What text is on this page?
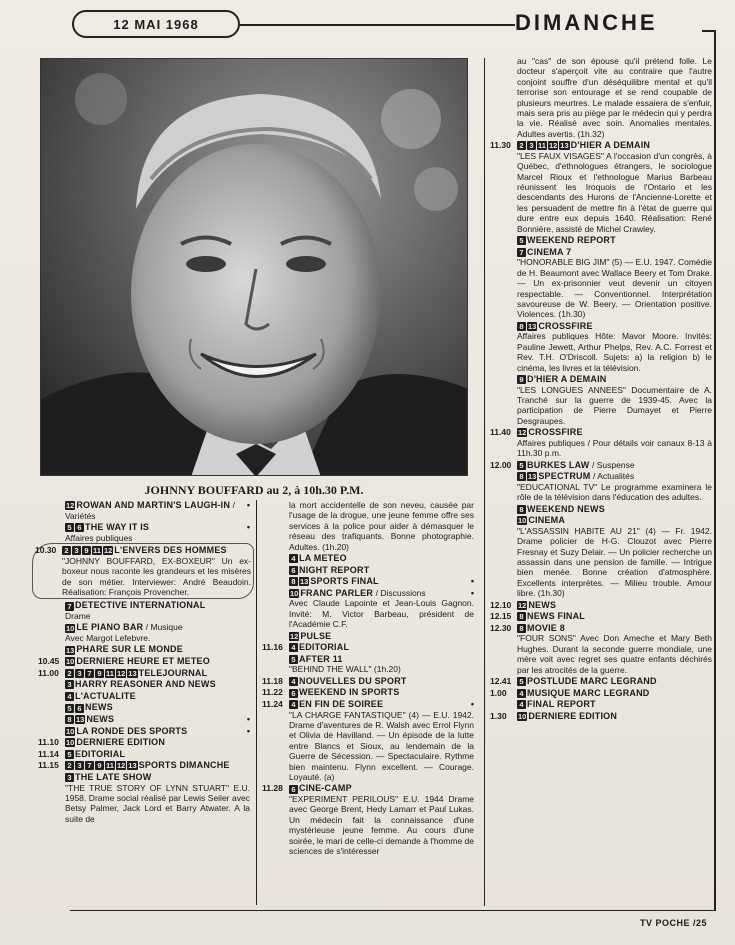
12 MAI 1968	DIMANCHE
JOHNNY BOUFFARD au 2, à 10h.30 P.M.
•
12 ROWAN AND MARTIN'S LAUGH-IN / Variétés
•
5 6 THE WAY IT IS
Affaires publiques
10.30	2 3 9 11 12 L'ENVERS DES HOMMES
"JOHNNY BOUFFARD, EX-BOXEUR" Un ex-boxeur nous raconte les grandeurs et les misères de son métier. Interviewer: André Beaudoin. Réalisation: François Provencher.
7 DETECTIVE INTERNATIONAL
Drame
10 LE PIANO BAR / Musique
Avec Margot Lefebvre.
13 PHARE SUR LE MONDE
10.45 10 DERNIERE HEURE ET METEO
11.00	2 3 7 9 11 12 13 TELEJOURNAL
3 HARRY REASONER AND NEWS
4 L'ACTUALITE
5 6 NEWS
•
8 13 NEWS
•
10 LA RONDE DES SPORTS
11.10 10 DERNIERE EDITION
11.14	5 EDITORIAL
11.15	2 3 7 9 11 12 13 SPORTS DIMANCHE
3 THE LATE SHOW
"THE TRUE STORY OF LYNN STUART" E.U. 1958. Drame social réalisé par Lewis Seiler avec Betsy Palmer, Jack Lord et Barry Atwater. A la suite de
la mort accidentelle de son neveu, causée par l'usage de la drogue, une jeune femme offre ses services à la police pour aider à démasquer le réseau des trafiquants. Bonne photographie. Adultes. (1h.20)
4 LA METEO
6 NIGHT REPORT
•
8 13 SPORTS FINAL
•
10 FRANC PARLER / Discussions
Avec Claude Lapointe et Jean-Louis Gagnon. Invité: M. Victor Barbeau, président de l'Académie C.F.
12 PULSE
11.16	4 EDITORIAL
5 AFTER 11
"BEHIND THE WALL" (1h.20)
11.18	4 NOUVELLES DU SPORT
11.22	6 WEEKEND IN SPORTS
11.24	•
4 EN FIN DE SOIREE
"LA CHARGE FANTASTIQUE" (4) — E.U. 1942. Drame d'aventures de R. Walsh avec Errol Flynn et Olivia de Havilland. — Un épisode de la lutte entre Blancs et Sioux, au lendemain de la Guerre de Sécession. — Spectaculaire. Rythme bien maintenu. Flynn excellent. — Courage. Loyauté. (a)
11.28	6 CINE-CAMP
"EXPERIMENT PERILOUS" E.U. 1944 Drame avec George Brent, Hedy Lamarr et Paul Lukas. Un médecin fait la connaissance d'une mystérieuse jeune femme. Au cours d'une soirée, le mari de celle-ci demande à l'homme de sciences de s'intéresser
au "cas" de son épouse qu'il prétend folle. Le docteur s'aperçoit vite au contraire que l'autre conjoint souffre d'un déséquilibre mental et qu'il terrorise son entourage et se rend coupable de plusieurs meurtres. Le malade essaiera de s'enfuir, mais sera pris au piège par le médecin qui y perdra la vie. Réalisé avec soin. Anomalies mentales. Adultes avertis. (1h.32)
11.30	2 3 11 12 13 D'HIER A DEMAIN
"LES FAUX VISAGES" A l'occasion d'un congrès, à Québec, d'ethnologues étrangers, le sociologue Marcel Rioux et l'ethnologue Marius Barbeau réunissent les Iroquois de l'Ontario et les descendants des Hurons de l'Ancienne-Lorette et les persuadent de mettre fin à l'état de guerre qui dure entre eux depuis 1640. Réalisation: René Bonnière, assisté de Michel Crawley.
5 WEEKEND REPORT
7 CINEMA 7
"HONORABLE BIG JIM" (5) — E.U. 1947. Comédie de H. Beaumont avec Wallace Beery et Tom Drake. — Un ex-prisonnier veut devenir un citoyen respectable. — Conventionnel. Interprétation savoureuse de W. Beery. — Orientation positive. Violences. (1h.30)
8 13 CROSSFIRE
Affaires publiques Hôte: Mavor Moore. Invités: Pauline Jewett, Arthur Phelps, Rev. A.C. Forrest et Rev. T.H. O'Driscoll. Sujets: a) la religion b) le cinéma, les livres et la télévision.
9 D'HIER A DEMAIN
"LES LONGUES ANNEES" Documentaire de A. Tranché sur la guerre de 1939-45. Avec la participation de Pierre Dumayet et Pierre Desgraupes.
11.40 12 CROSSFIRE
Affaires publiques / Pour détails voir canaux 8-13 à 11h.30 p.m.
12.00	5 BURKES LAW / Suspense
8 13 SPECTRUM / Actualités
"EDUCATIONAL TV" Le programme examinera le rôle de la télévision dans l'éducation des adultes.
8 WEEKEND NEWS
10 CINEMA
"L'ASSASSIN HABITE AU 21" (4) — Fr. 1942. Drame policier de H-G. Clouzot avec Pierre Fresnay et Suzy Delair. — Un policier recherche un assassin dans une pension de famille. — Intrigue bien menée. Bonne création d'atmosphère. Excellents interprètes. — Milieu trouble. Amour libre. (1h.30)
12.10 12 NEWS
12.15	8 NEWS FINAL
12.30	8 MOVIE 8
"FOUR SONS" Avec Don Ameche et Mary Beth Hughes. Durant la seconde guerre mondiale, une mère voit avec regret ses quatre enfants déchirés par les atrocités de la guerre.
12.41	5 POSTLUDE MARC LEGRAND
1.00	4 MUSIQUE MARC LEGRAND
4 FINAL REPORT
1.30	10 DERNIERE EDITION
TV POCHE /25
